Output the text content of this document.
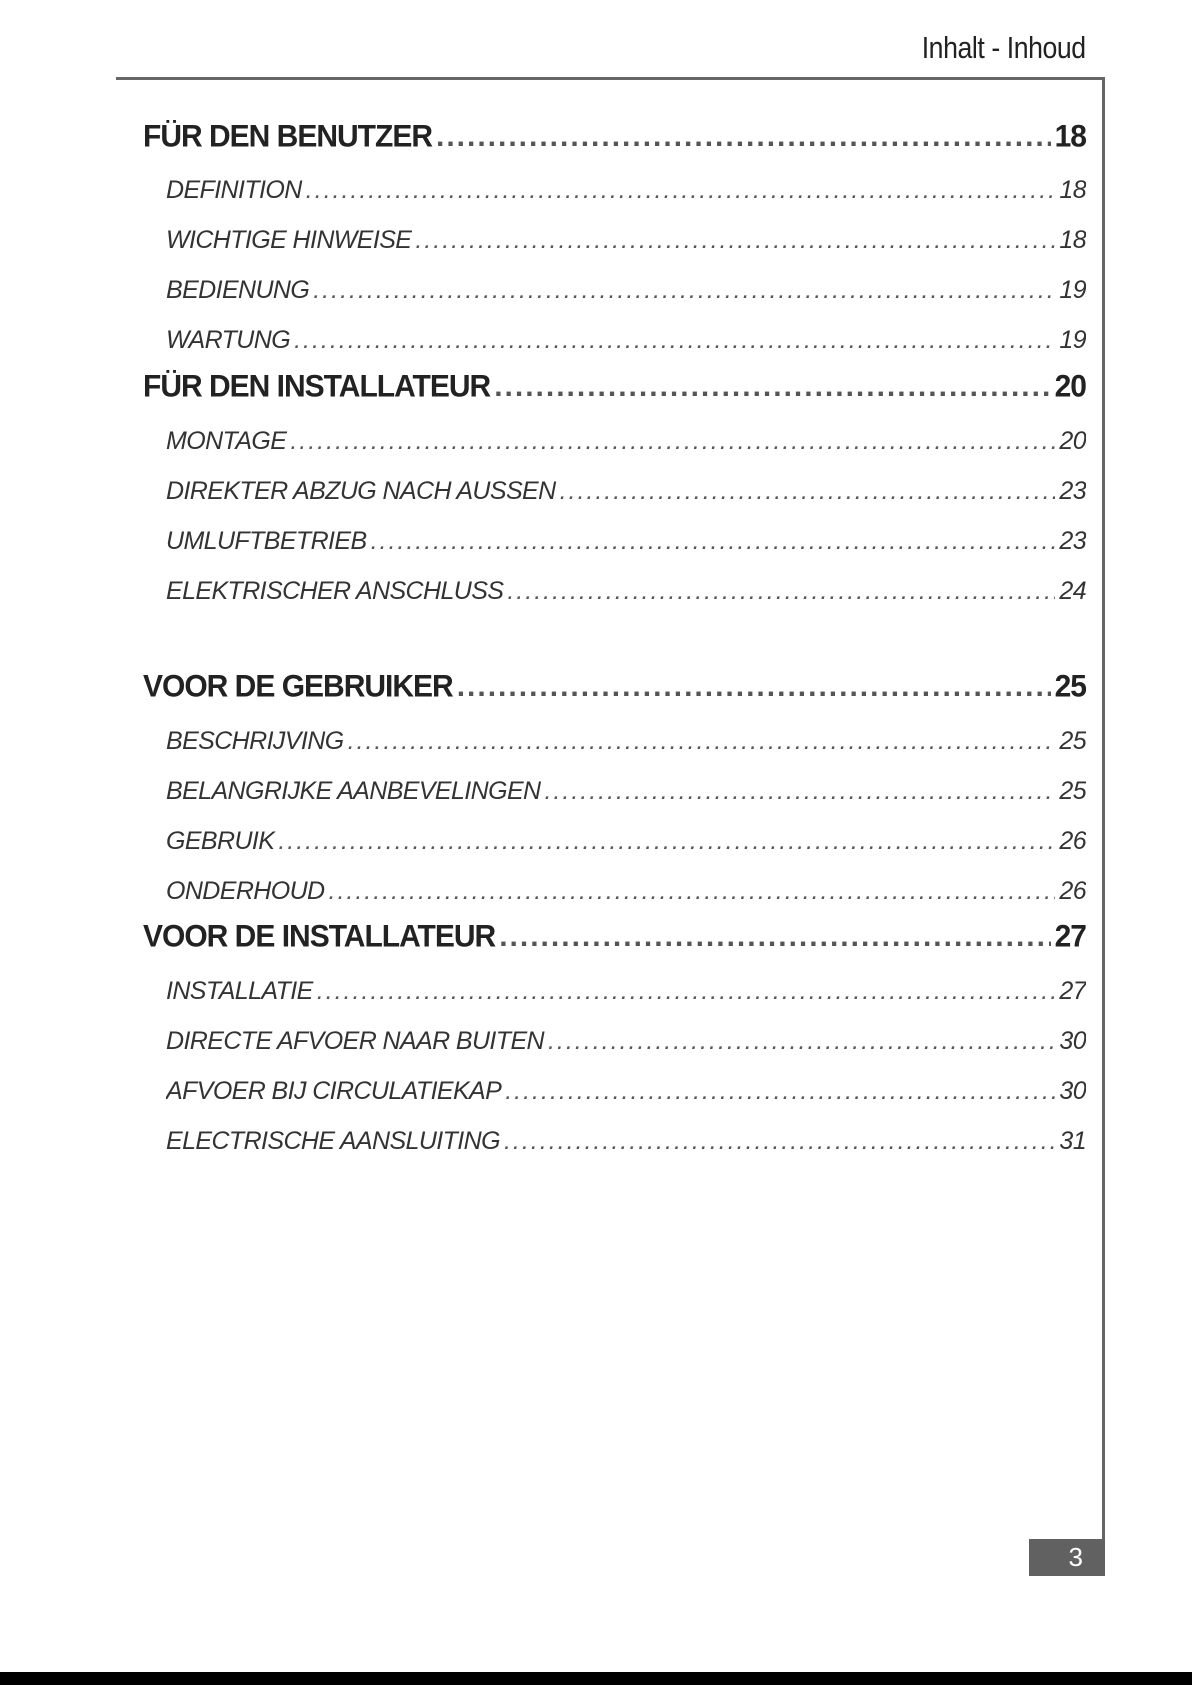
Inhalt - Inhoud
FÜR DEN BENUTZER .....	18
DEFINITION .....	18
WICHTIGE HINWEISE .....	18
BEDIENUNG .....	19
WARTUNG .....	19
FÜR DEN INSTALLATEUR .....	20
MONTAGE .....	20
DIREKTER ABZUG NACH AUSSEN .....	23
UMLUFTBETRIEB .....	23
ELEKTRISCHER ANSCHLUSS .....	24
VOOR DE GEBRUIKER .....	25
BESCHRIJVING .....	25
BELANGRIJKE AANBEVELINGEN .....	25
GEBRUIK .....	26
ONDERHOUD .....	26
VOOR DE INSTALLATEUR .....	27
INSTALLATIE .....	27
DIRECTE AFVOER NAAR BUITEN .....	30
AFVOER BIJ CIRCULATIEKAP .....	30
ELECTRISCHE AANSLUITING .....	31
3
